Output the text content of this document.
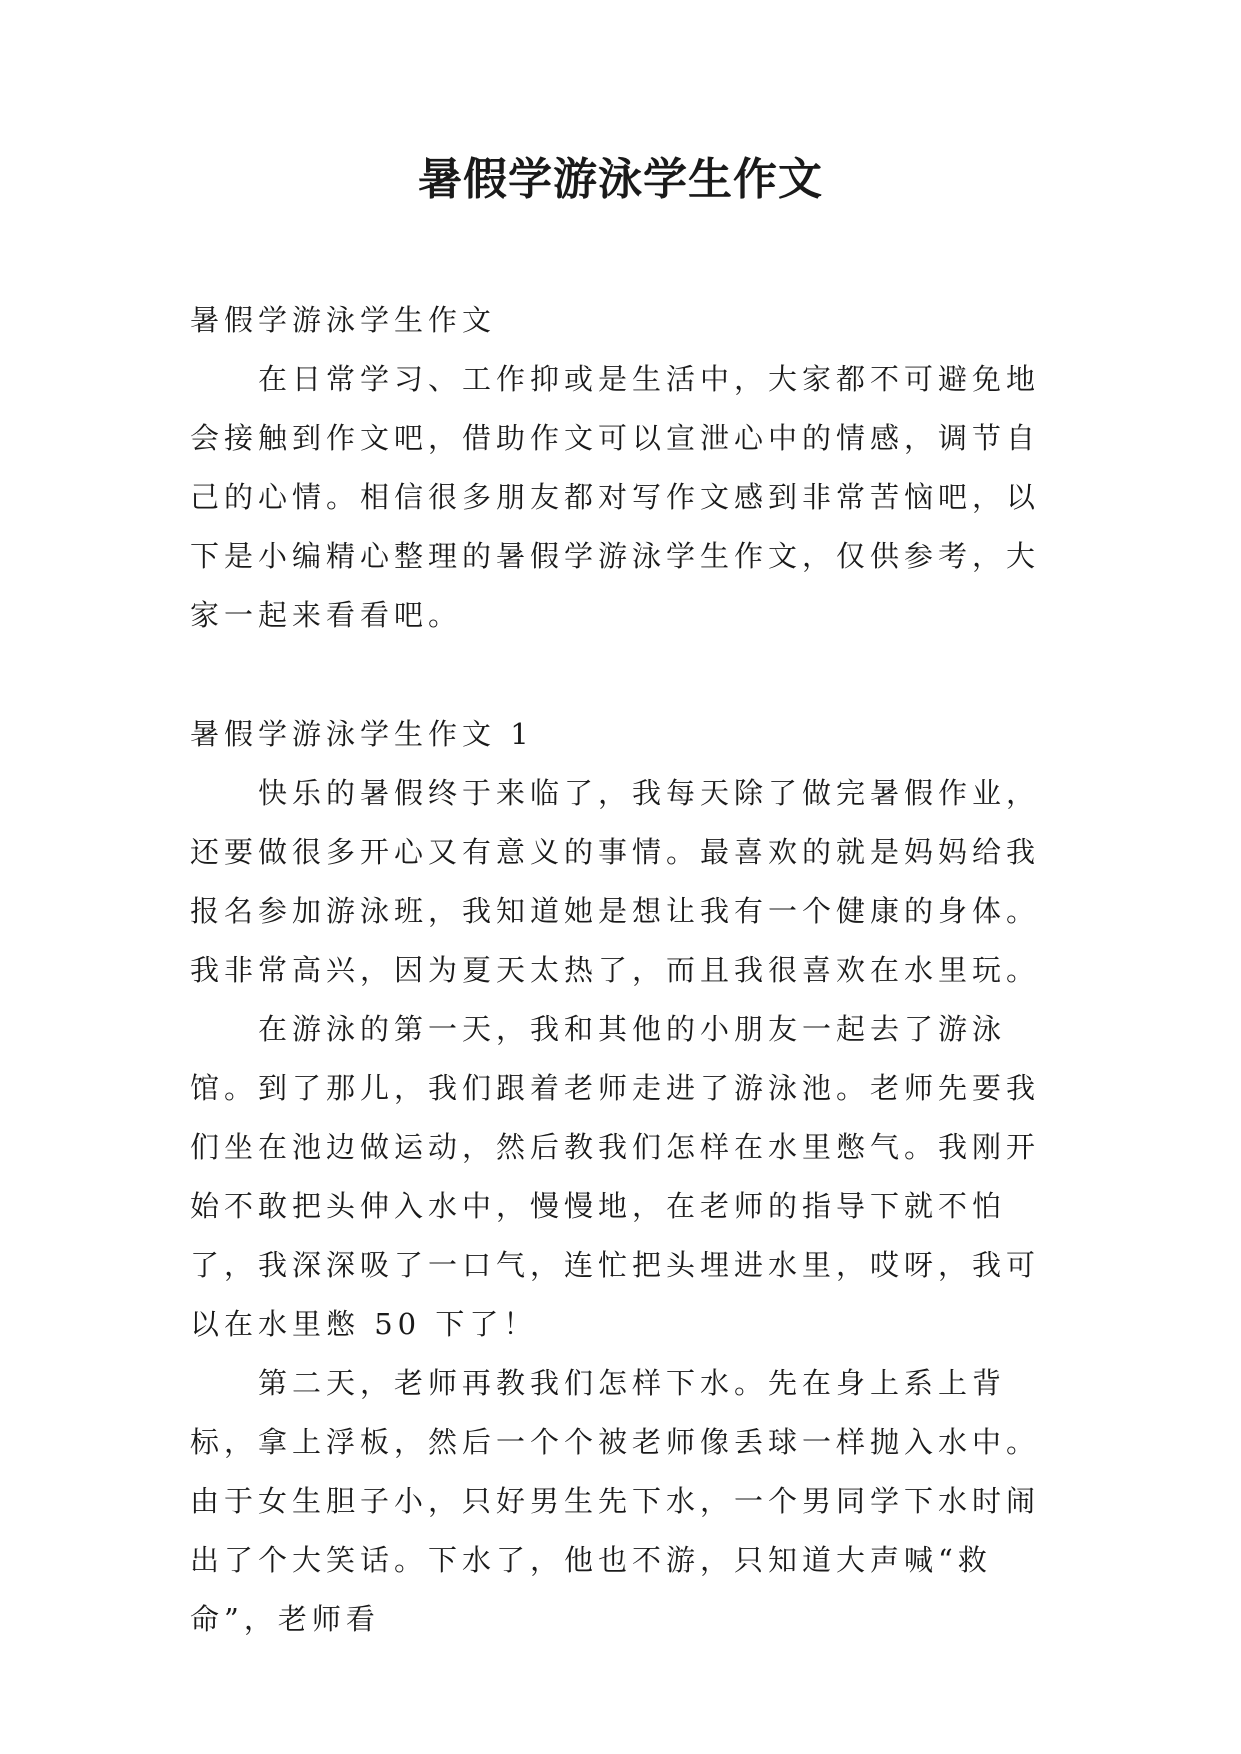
暑假学游泳学生作文

暑假学游泳学生作文

在日常学习、工作抑或是生活中，大家都不可避免地会接触到作文吧，借助作文可以宣泄心中的情感，调节自己的心情。相信很多朋友都对写作文感到非常苦恼吧，以下是小编精心整理的暑假学游泳学生作文，仅供参考，大家一起来看看吧。

暑假学游泳学生作文 1

快乐的暑假终于来临了，我每天除了做完暑假作业，还要做很多开心又有意义的事情。最喜欢的就是妈妈给我报名参加游泳班，我知道她是想让我有一个健康的身体。我非常高兴，因为夏天太热了，而且我很喜欢在水里玩。

在游泳的第一天，我和其他的小朋友一起去了游泳馆。到了那儿，我们跟着老师走进了游泳池。老师先要我们坐在池边做运动，然后教我们怎样在水里憋气。我刚开始不敢把头伸入水中，慢慢地，在老师的指导下就不怕了，我深深吸了一口气，连忙把头埋进水里，哎呀，我可以在水里憋 50 下了！

第二天，老师再教我们怎样下水。先在身上系上背标，拿上浮板，然后一个个被老师像丢球一样抛入水中。由于女生胆子小，只好男生先下水，一个男同学下水时闹出了个大笑话。下水了，他也不游，只知道大声喊“救命”，老师看
